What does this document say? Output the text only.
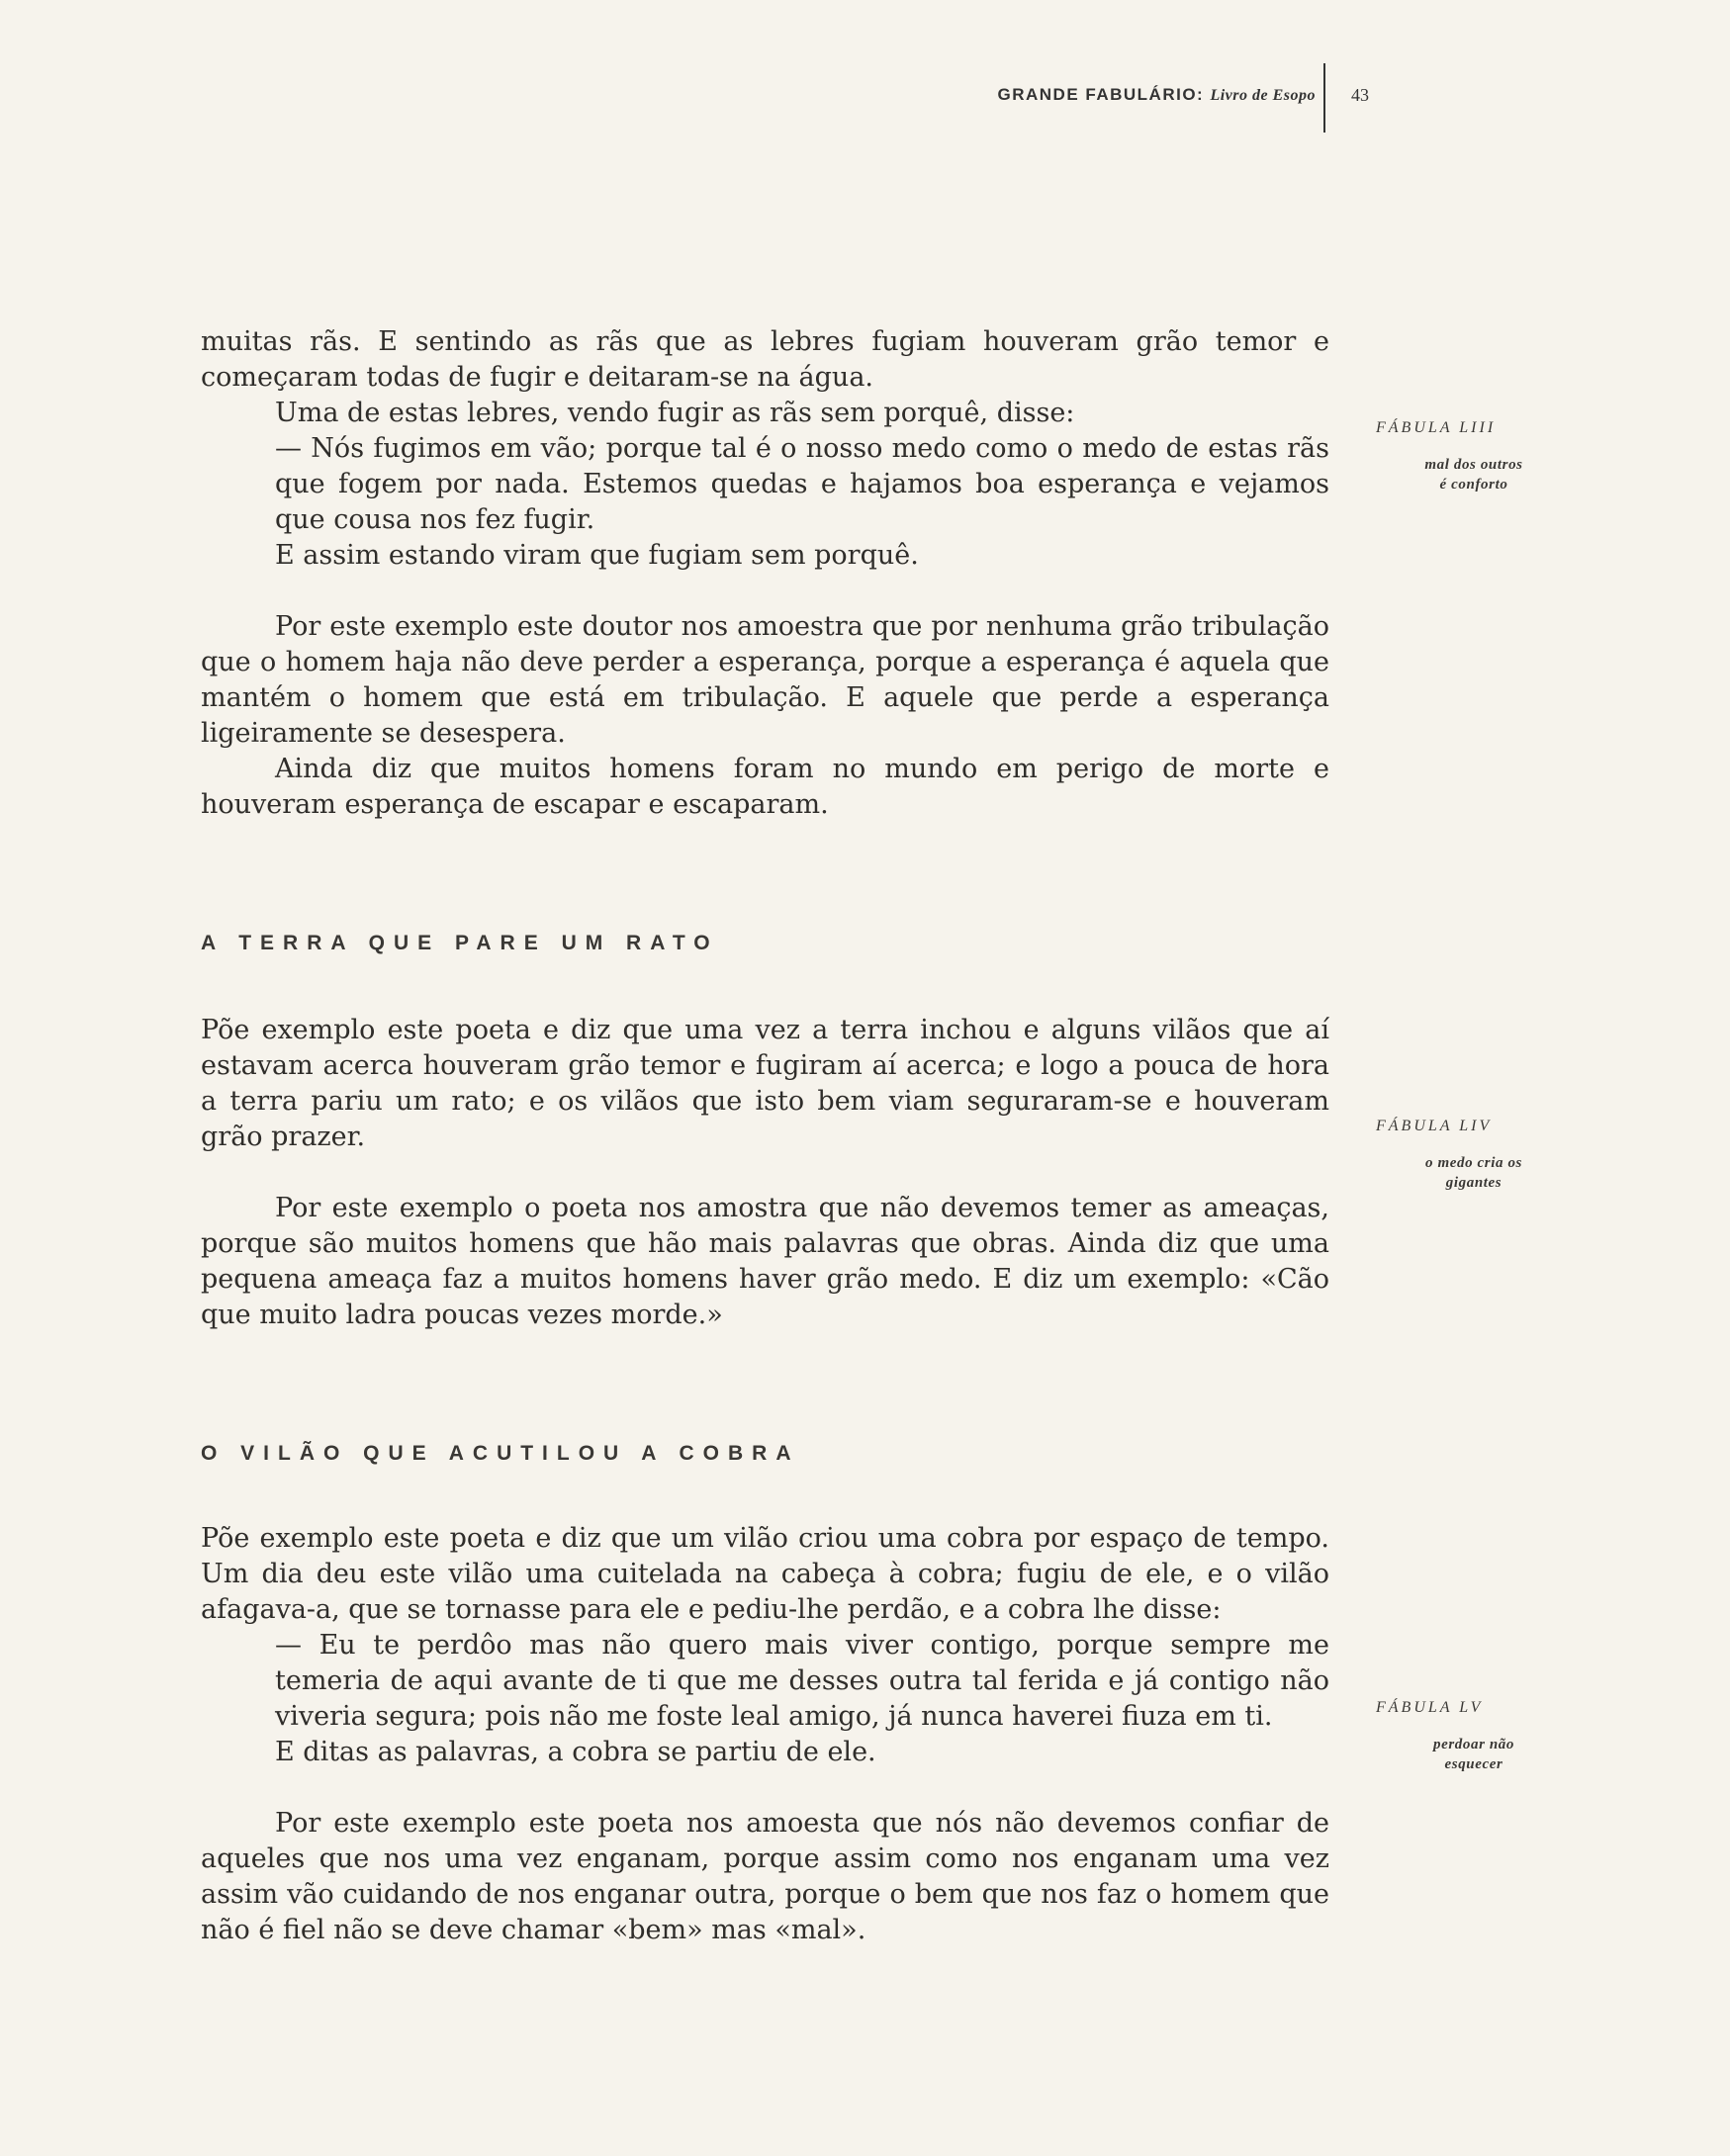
GRANDE FABULÁRIO: Livro de Esopo 43

muitas rãs. E sentindo as rãs que as lebres fugiam houveram grão temor e começaram todas de fugir e deitaram-se na água.

Uma de estas lebres, vendo fugir as rãs sem porquê, disse:

— Nós fugimos em vão; porque tal é o nosso medo como o medo de estas rãs que fogem por nada. Estemos quedas e hajamos boa esperança e vejamos que cousa nos fez fugir.

E assim estando viram que fugiam sem porquê.

Por este exemplo este doutor nos amoestra que por nenhuma grão tribulação que o homem haja não deve perder a esperança, porque a esperança é aquela que mantém o homem que está em tribulação. E aquele que perde a esperança ligeiramente se desespera.

Ainda diz que muitos homens foram no mundo em perigo de morte e houveram esperança de escapar e escaparam.

A TERRA QUE PARE UM RATO

Põe exemplo este poeta e diz que uma vez a terra inchou e alguns vilãos que aí estavam acerca houveram grão temor e fugiram aí acerca; e logo a pouca de hora a terra pariu um rato; e os vilãos que isto bem viam seguraram-se e houveram grão prazer.

Por este exemplo o poeta nos amostra que não devemos temer as ameaças, porque são muitos homens que hão mais palavras que obras. Ainda diz que uma pequena ameaça faz a muitos homens haver grão medo. E diz um exemplo: «Cão que muito ladra poucas vezes morde.»

O VILÃO QUE ACUTILOU A COBRA

Põe exemplo este poeta e diz que um vilão criou uma cobra por espaço de tempo. Um dia deu este vilão uma cuitelada na cabeça à cobra; fugiu de ele, e o vilão afagava-a, que se tornasse para ele e pediu-lhe perdão, e a cobra lhe disse:

— Eu te perdôo mas não quero mais viver contigo, porque sempre me temeria de aqui avante de ti que me desses outra tal ferida e já contigo não viveria segura; pois não me foste leal amigo, já nunca haverei fiuza em ti.

E ditas as palavras, a cobra se partiu de ele.

Por este exemplo este poeta nos amoesta que nós não devemos confiar de aqueles que nos uma vez enganam, porque assim como nos enganam uma vez assim vão cuidando de nos enganar outra, porque o bem que nos faz o homem que não é fiel não se deve chamar «bem» mas «mal».

FÁBULA LIII
mal dos outros
é conforto
FÁBULA LIV
o medo cria os
gigantes
FÁBULA LV
perdoar não
esquecer
